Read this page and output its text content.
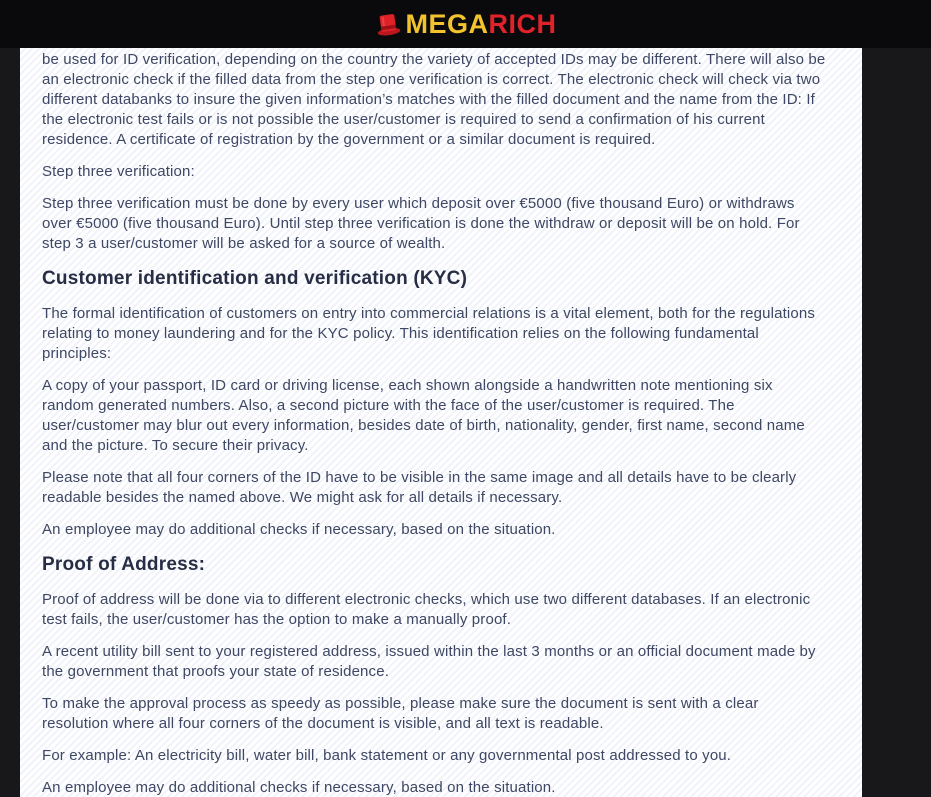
MEGARICH

be used for ID verification, depending on the country the variety of accepted IDs may be different. There will also be an electronic check if the filled data from the step one verification is correct. The electronic check will check via two different databanks to insure the given information’s matches with the filled document and the name from the ID: If the electronic test fails or is not possible the user/customer is required to send a confirmation of his current residence. A certificate of registration by the government or a similar document is required.

Step three verification:

Step three verification must be done by every user which deposit over €5000 (five thousand Euro) or withdraws over €5000 (five thousand Euro). Until step three verification is done the withdraw or deposit will be on hold. For step 3 a user/customer will be asked for a source of wealth.

Customer identification and verification (KYC)

The formal identification of customers on entry into commercial relations is a vital element, both for the regulations relating to money laundering and for the KYC policy. This identification relies on the following fundamental principles:

A copy of your passport, ID card or driving license, each shown alongside a handwritten note mentioning six random generated numbers. Also, a second picture with the face of the user/customer is required. The user/customer may blur out every information, besides date of birth, nationality, gender, first name, second name and the picture. To secure their privacy.

Please note that all four corners of the ID have to be visible in the same image and all details have to be clearly readable besides the named above. We might ask for all details if necessary.

An employee may do additional checks if necessary, based on the situation.

Proof of Address:

Proof of address will be done via to different electronic checks, which use two different databases. If an electronic test fails, the user/customer has the option to make a manually proof.

A recent utility bill sent to your registered address, issued within the last 3 months or an official document made by the government that proofs your state of residence.

To make the approval process as speedy as possible, please make sure the document is sent with a clear resolution where all four corners of the document is visible, and all text is readable.

For example: An electricity bill, water bill, bank statement or any governmental post addressed to you.

An employee may do additional checks if necessary, based on the situation.
